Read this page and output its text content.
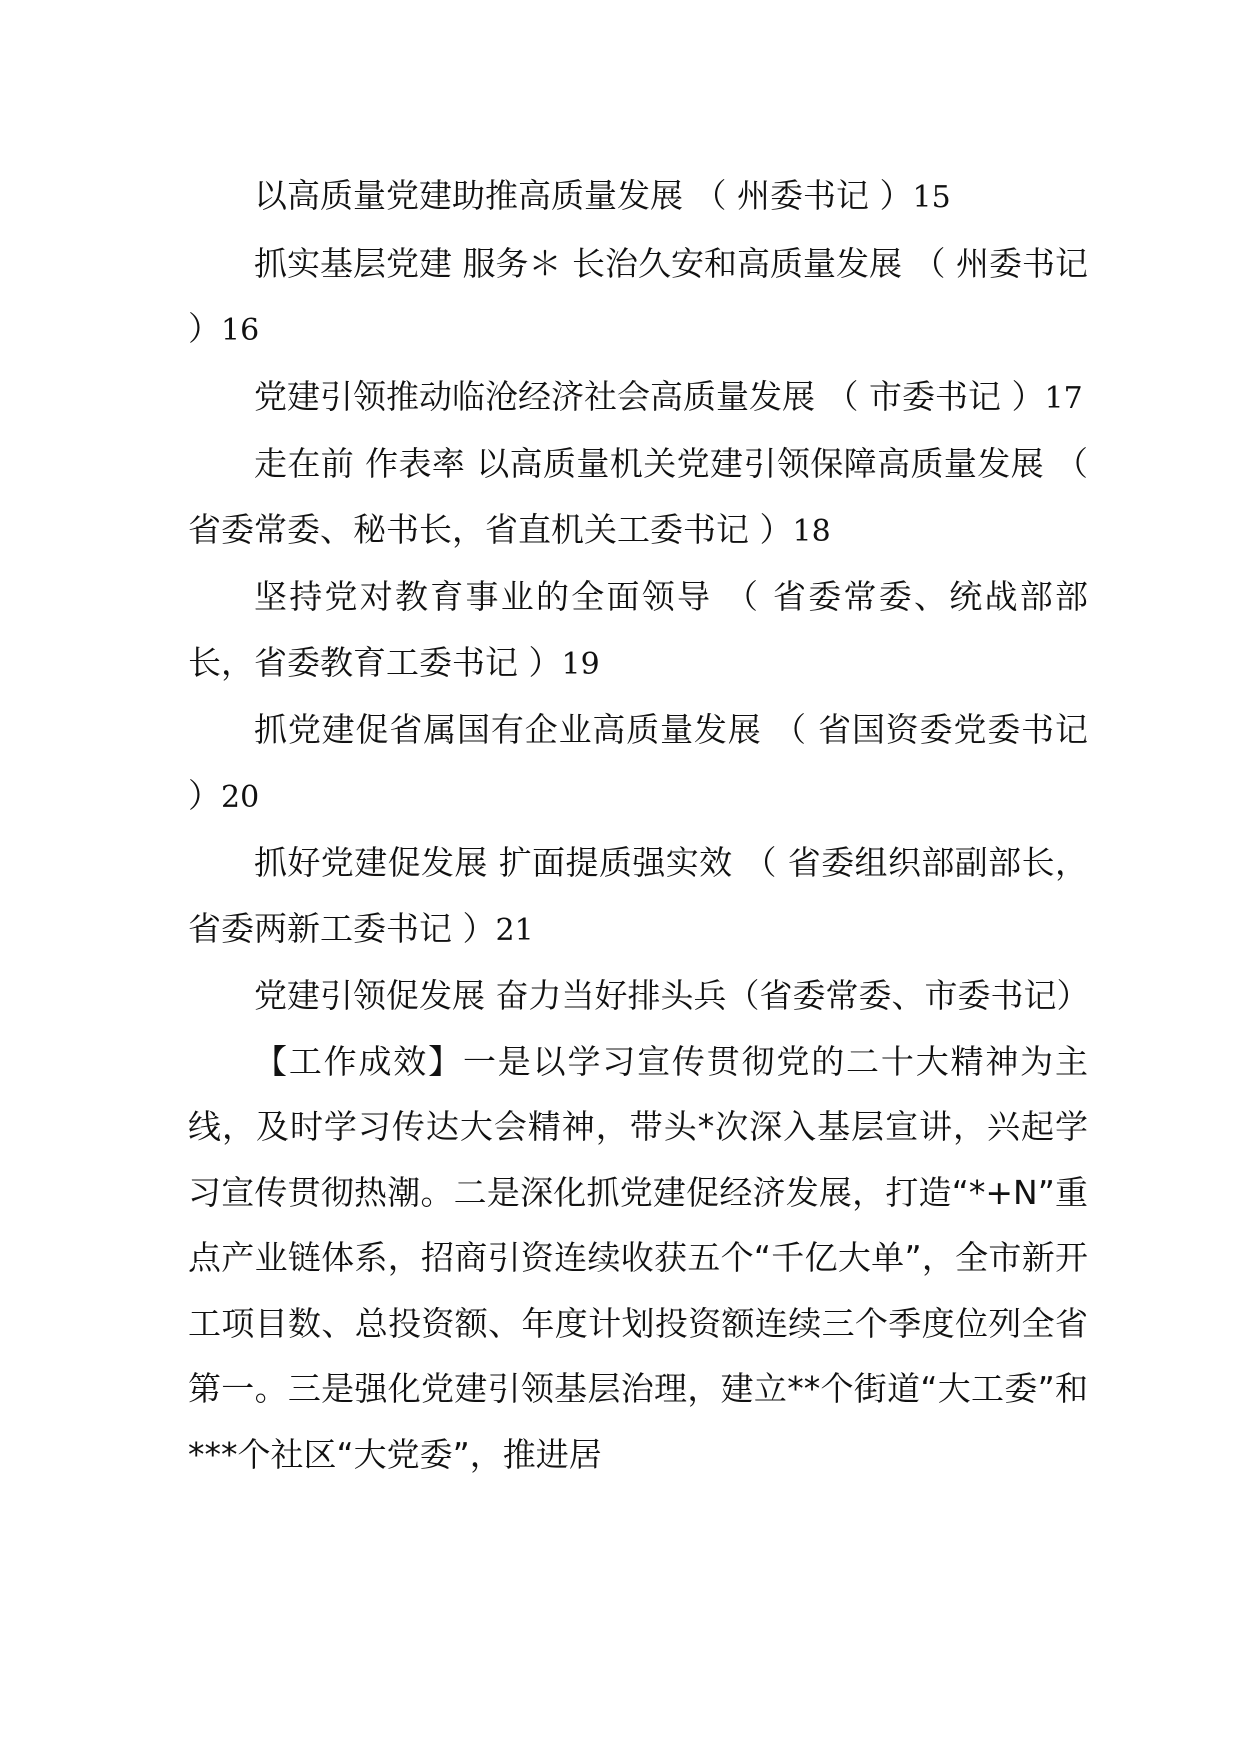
以高质量党建助推高质量发展 （ 州委书记 ）15

抓实基层党建 服务＊ 长治久安和高质量发展 （ 州委书记 ）16

党建引领推动临沧经济社会高质量发展 （ 市委书记 ）17

走在前 作表率 以高质量机关党建引领保障高质量发展 （ 省委常委、秘书长，省直机关工委书记 ）18

坚持党对教育事业的全面领导 （ 省委常委、统战部部长，省委教育工委书记 ）19

抓党建促省属国有企业高质量发展 （ 省国资委党委书记 ）20

抓好党建促发展 扩面提质强实效 （ 省委组织部副部长，省委两新工委书记 ）21

党建引领促发展 奋力当好排头兵（省委常委、市委书记）

【工作成效】一是以学习宣传贯彻党的二十大精神为主线，及时学习传达大会精神，带头*次深入基层宣讲，兴起学习宣传贯彻热潮。二是深化抓党建促经济发展，打造“*+N”重点产业链体系，招商引资连续收获五个“千亿大单”，全市新开工项目数、总投资额、年度计划投资额连续三个季度位列全省第一。三是强化党建引领基层治理，建立**个街道“大工委”和***个社区“大党委”，推进居
